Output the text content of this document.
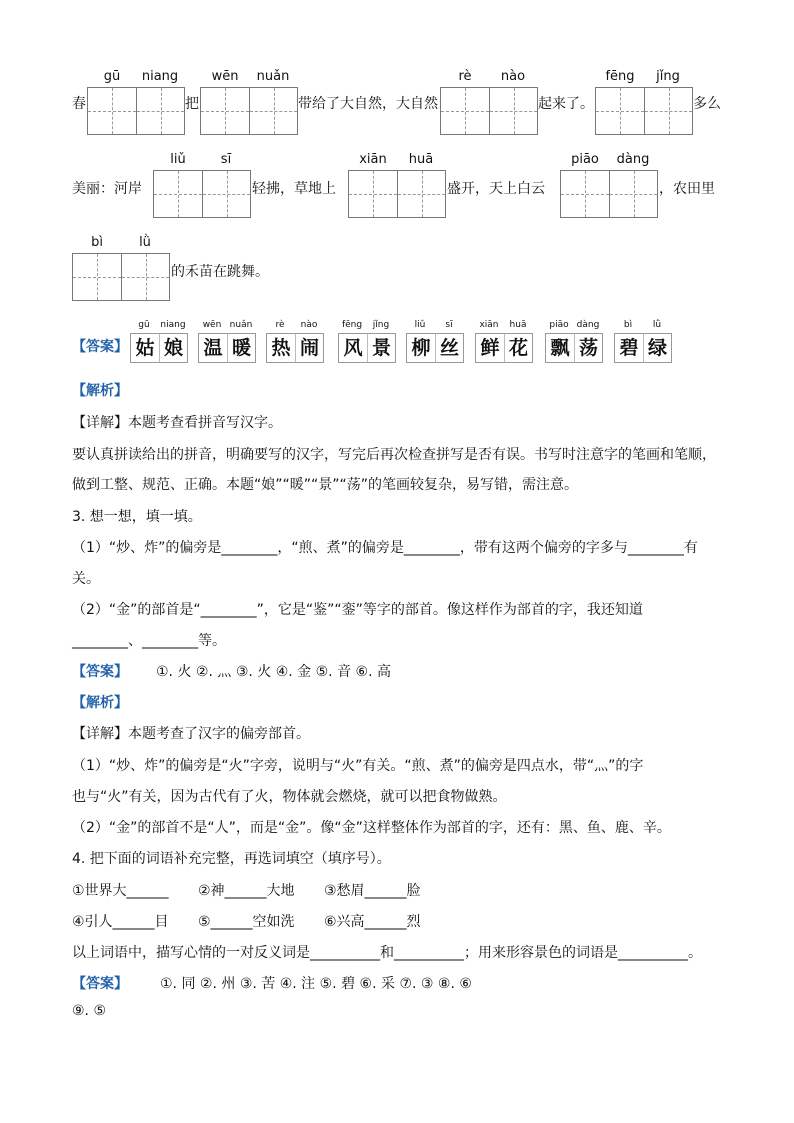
gū	niang	wēn	nuǎn	rè	nào	fēng	jǐng
春	把	带给了大自然，大自然	起来了。	多么
liǔ	sī	xiān	huā	piāo	dàng
美丽：河岸	轻拂，草地上	盛开，天上白云	，农田里
bì	lǜ
的禾苗在跳舞。
【答案】
gū	niang
姑 娘
wēn nuǎn
温 暖
rè	nào
热 闹
fēng	jǐng
风 景
liǔ	sī
柳 丝
xiān	huā
鲜 花
piāo dàng
飘 荡
bì	lǜ
碧 绿
【解析】
【详解】本题考查看拼音写汉字。
要认真拼读给出的拼音，明确要写的汉字，写完后再次检查拼写是否有误。书写时注意字的笔画和笔顺，
做到工整、规范、正确。本题“娘”“暖”“景”“荡”的笔画较复杂，易写错，需注意。
3. 想一想，填一填。
（1）“炒、炸”的偏旁是________，“煎、煮”的偏旁是________，带有这两个偏旁的字多与________有
关。
（2）“金”的部首是“________”，它是“鉴”“銮”等字的部首。像这样作为部首的字，我还知道
________、________等。
【答案】 ①. 火 ②. 灬 ③. 火 ④. 金 ⑤. 音 ⑥. 高
【解析】
【详解】本题考查了汉字的偏旁部首。
（1）“炒、炸”的偏旁是“火”字旁，说明与“火”有关。“煎、煮”的偏旁是四点水，带“灬”的字
也与“火”有关，因为古代有了火，物体就会燃烧，就可以把食物做熟。
（2）“金”的部首不是“人”，而是“金”。像“金”这样整体作为部首的字，还有：黑、鱼、鹿、辛。
4. 把下面的词语补充完整，再选词填空（填序号）。
①世界大______ ②神______大地 ③愁眉______脸
④引人______目 ⑤______空如洗 ⑥兴高______烈
以上词语中，描写心情的一对反义词是__________和__________；用来形容景色的词语是__________。
【答案】 ①. 同 ②. 州 ③. 苦 ④. 注 ⑤. 碧 ⑥. 采 ⑦. ③ ⑧. ⑥
⑨. ⑤
